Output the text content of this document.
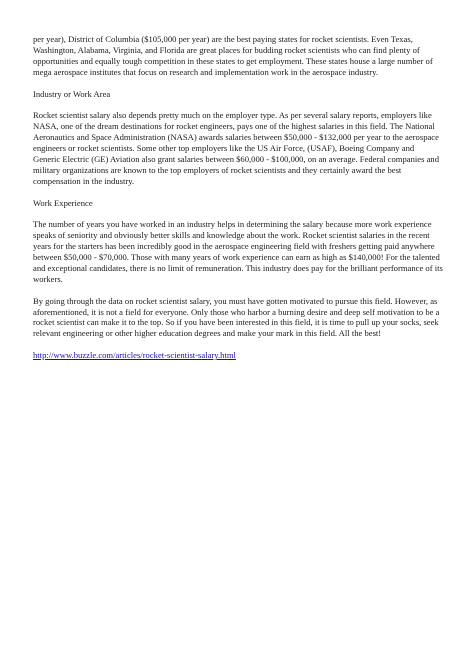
per year), District of Columbia ($105,000 per year) are the best paying states for rocket scientists. Even Texas, Washington, Alabama, Virginia, and Florida are great places for budding rocket scientists who can find plenty of opportunities and equally tough competition in these states to get employment. These states house a large number of mega aerospace institutes that focus on research and implementation work in the aerospace industry.

Industry or Work Area

Rocket scientist salary also depends pretty much on the employer type. As per several salary reports, employers like NASA, one of the dream destinations for rocket engineers, pays one of the highest salaries in this field. The National Aeronautics and Space Administration (NASA) awards salaries between $50,000 - $132,000 per year to the aerospace engineers or rocket scientists. Some other top employers like the US Air Force, (USAF), Boeing Company and Generic Electric (GE) Aviation also grant salaries between $60,000 - $100,000, on an average. Federal companies and military organizations are known to the top employers of rocket scientists and they certainly award the best compensation in the industry.

Work Experience

The number of years you have worked in an industry helps in determining the salary because more work experience speaks of seniority and obviously better skills and knowledge about the work. Rocket scientist salaries in the recent years for the starters has been incredibly good in the aerospace engineering field with freshers getting paid anywhere between $50,000 - $70,000. Those with many years of work experience can earn as high as $140,000! For the talented and exceptional candidates, there is no limit of remuneration. This industry does pay for the brilliant performance of its workers.

By going through the data on rocket scientist salary, you must have gotten motivated to pursue this field. However, as aforementioned, it is not a field for everyone. Only those who harbor a burning desire and deep self motivation to be a rocket scientist can make it to the top. So if you have been interested in this field, it is time to pull up your socks, seek relevant engineering or other higher education degrees and make your mark in this field. All the best!

http://www.buzzle.com/articles/rocket-scientist-salary.html
